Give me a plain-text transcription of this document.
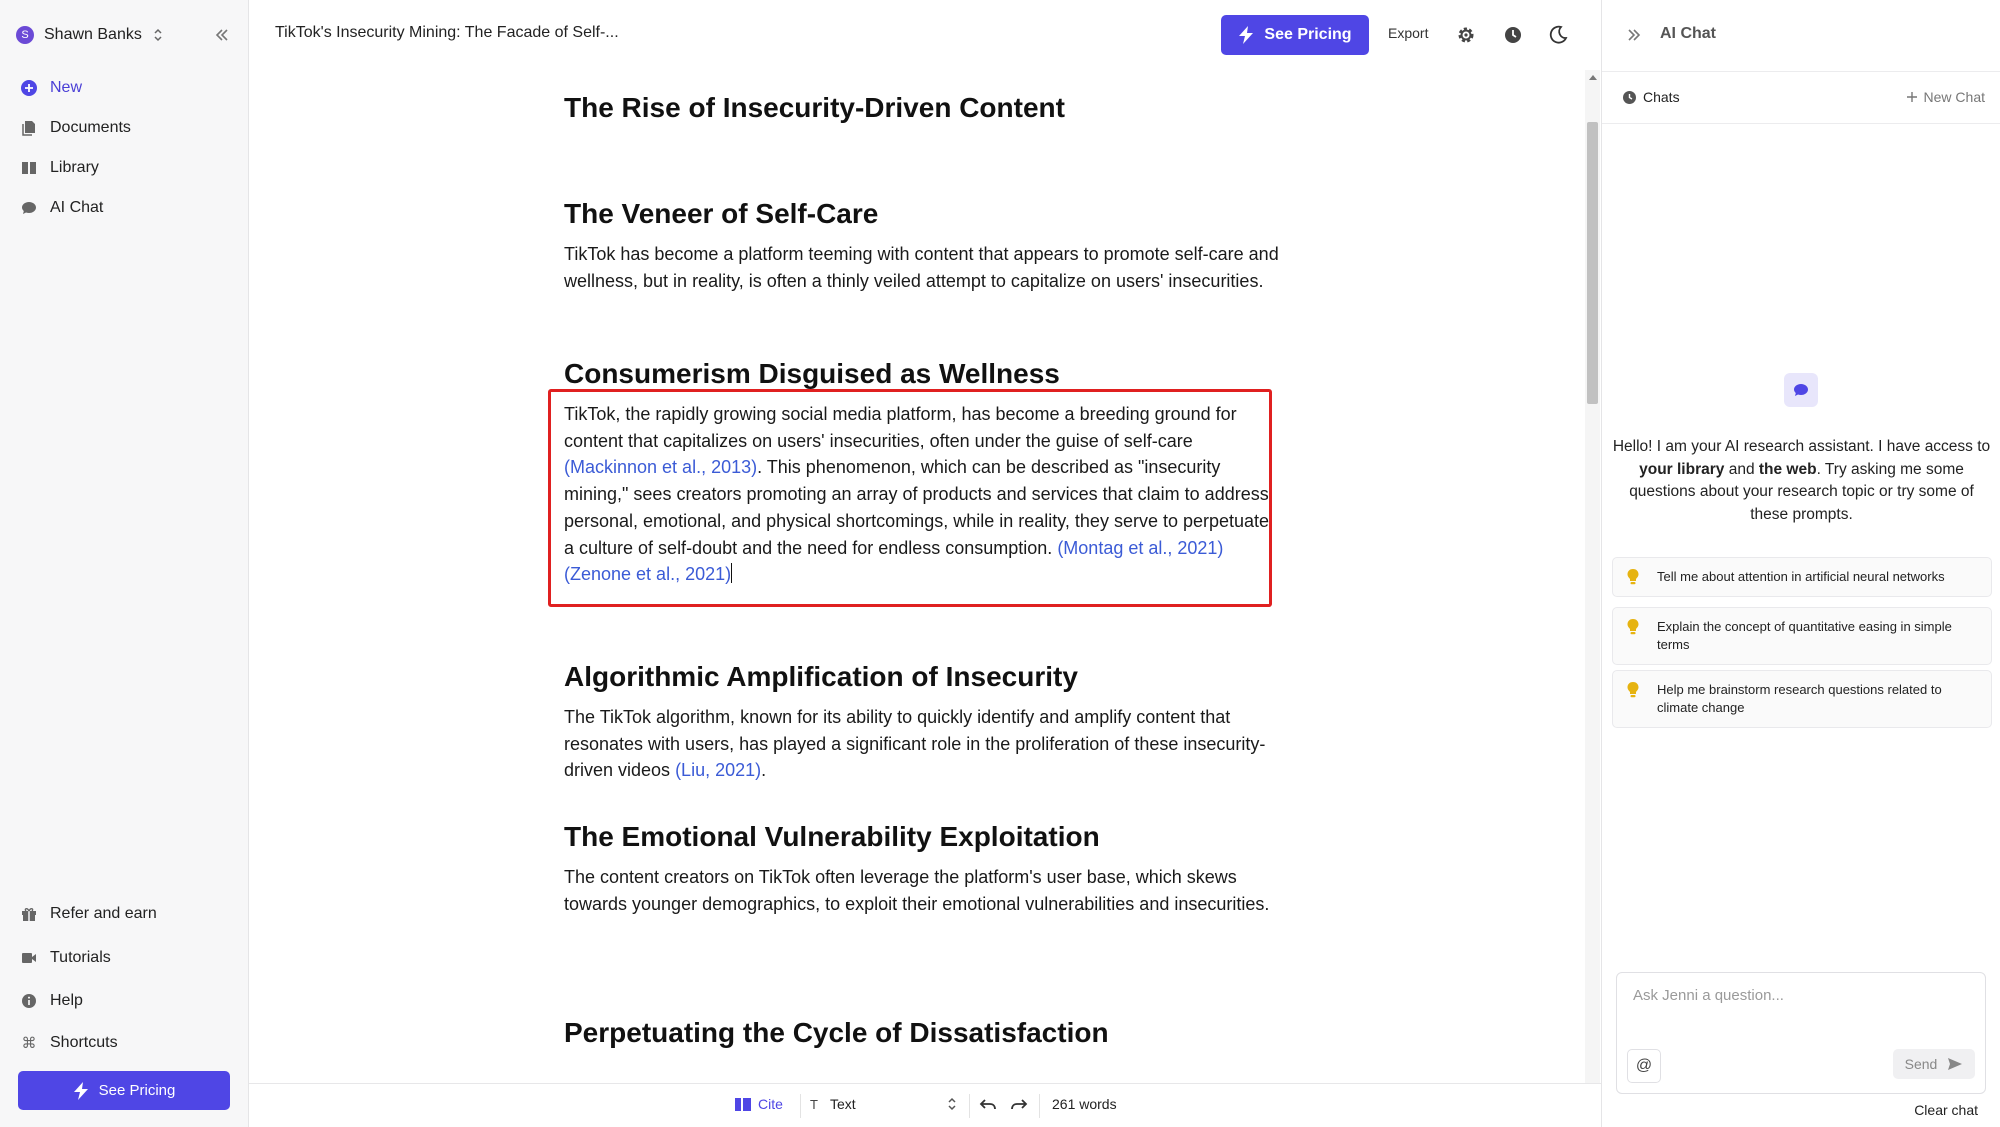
S Shawn Banks
New
Documents
Library
AI Chat
Refer and earn
Tutorials
Help
⌘ Shortcuts
See Pricing
TikTok's Insecurity Mining: The Facade of Self-...	See Pricing	Export
The Rise of Insecurity-Driven Content
The Veneer of Self-Care
TikTok has become a platform teeming with content that appears to promote self-care and wellness, but in reality, is often a thinly veiled attempt to capitalize on users' insecurities.
Consumerism Disguised as Wellness
TikTok, the rapidly growing social media platform, has become a breeding ground for content that capitalizes on users' insecurities, often under the guise of self-care (Mackinnon et al., 2013). This phenomenon, which can be described as "insecurity mining," sees creators promoting an array of products and services that claim to address personal, emotional, and physical shortcomings, while in reality, they serve to perpetuate a culture of self-doubt and the need for endless consumption. (Montag et al., 2021)(Zenone et al., 2021)
Algorithmic Amplification of Insecurity
The TikTok algorithm, known for its ability to quickly identify and amplify content that resonates with users, has played a significant role in the proliferation of these insecurity-driven videos (Liu, 2021).
The Emotional Vulnerability Exploitation
The content creators on TikTok often leverage the platform's user base, which skews towards younger demographics, to exploit their emotional vulnerabilities and insecurities.
Perpetuating the Cycle of Dissatisfaction
Cite T Text	261 words
AI Chat
Chats	New Chat
Hello! I am your AI research assistant. I have access to your library and the web. Try asking me some questions about your research topic or try some of these prompts.
Tell me about attention in artificial neural networks
Explain the concept of quantitative easing in simple terms
Help me brainstorm research questions related to climate change
Ask Jenni a question...
@	Send
Clear chat
